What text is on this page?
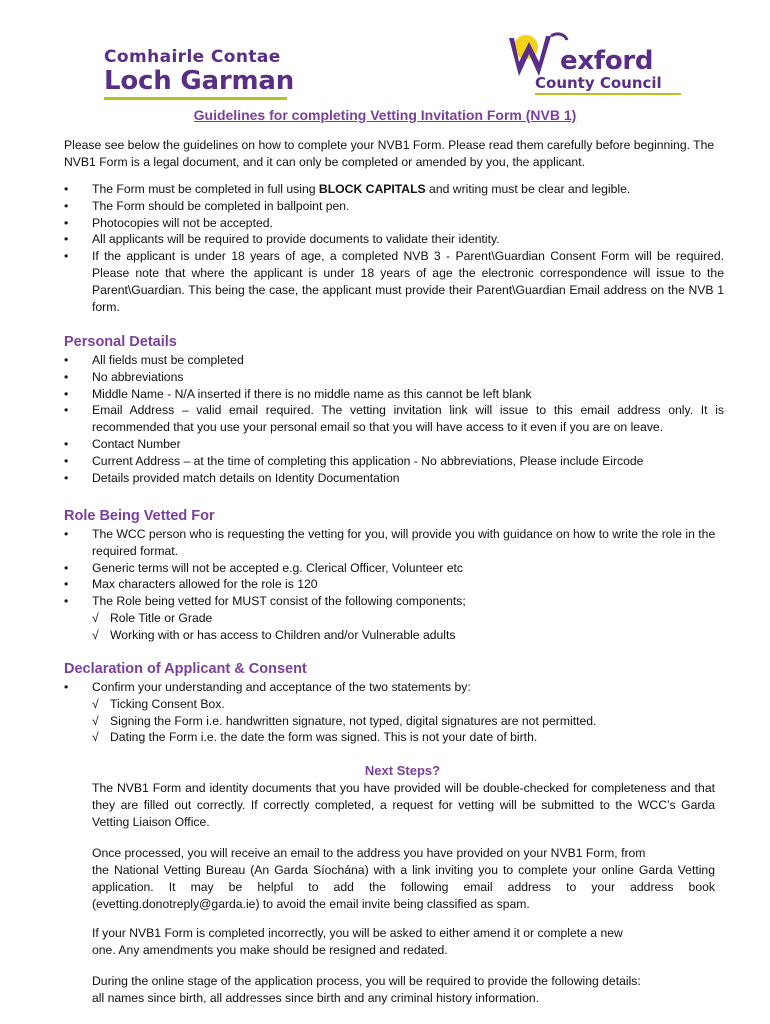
Comhairle Contae
Loch Garman
exford
County Council
Guidelines for completing Vetting Invitation Form (NVB 1)
Please see below the guidelines on how to complete your NVB1 Form. Please read them carefully before beginning. The NVB1 Form is a legal document, and it can only be completed or amended by you, the applicant.
• The Form must be completed in full using BLOCK CAPITALS and writing must be clear and legible.
• The Form should be completed in ballpoint pen.
• Photocopies will not be accepted.
• All applicants will be required to provide documents to validate their identity.
• If the applicant is under 18 years of age, a completed NVB 3 - Parent\Guardian Consent Form will be required. Please note that where the applicant is under 18 years of age the electronic correspondence will issue to the Parent\Guardian. This being the case, the applicant must provide their Parent\Guardian Email address on the NVB 1 form.
Personal Details
• All fields must be completed
• No abbreviations
• Middle Name - N/A inserted if there is no middle name as this cannot be left blank
• Email Address – valid email required. The vetting invitation link will issue to this email address only. It is recommended that you use your personal email so that you will have access to it even if you are on leave.
• Contact Number
• Current Address – at the time of completing this application - No abbreviations, Please include Eircode
• Details provided match details on Identity Documentation
Role Being Vetted For
• The WCC person who is requesting the vetting for you, will provide you with guidance on how to write the role in the required format.
• Generic terms will not be accepted e.g. Clerical Officer, Volunteer etc
• Max characters allowed for the role is 120
• The Role being vetted for MUST consist of the following components;
√ Role Title or Grade
√ Working with or has access to Children and/or Vulnerable adults
Declaration of Applicant & Consent
• Confirm your understanding and acceptance of the two statements by:
√ Ticking Consent Box.
√ Signing the Form i.e. handwritten signature, not typed, digital signatures are not permitted.
√ Dating the Form i.e. the date the form was signed. This is not your date of birth.
Next Steps?

The NVB1 Form and identity documents that you have provided will be double-checked for completeness and that they are filled out correctly. If correctly completed, a request for vetting will be submitted to the WCC’s Garda Vetting Liaison Office.

Once processed, you will receive an email to the address you have provided on your NVB1 Form, from
the National Vetting Bureau (An Garda Síochána) with a link inviting you to complete your online Garda Vetting application. It may be helpful to add the following email address to your address book (evetting.donotreply@garda.ie) to avoid the email invite being classified as spam.
If your NVB1 Form is completed incorrectly, you will be asked to either amend it or complete a new
one. Any amendments you make should be resigned and redated.
During the online stage of the application process, you will be required to provide the following details:
all names since birth, all addresses since birth and any criminal history information.
